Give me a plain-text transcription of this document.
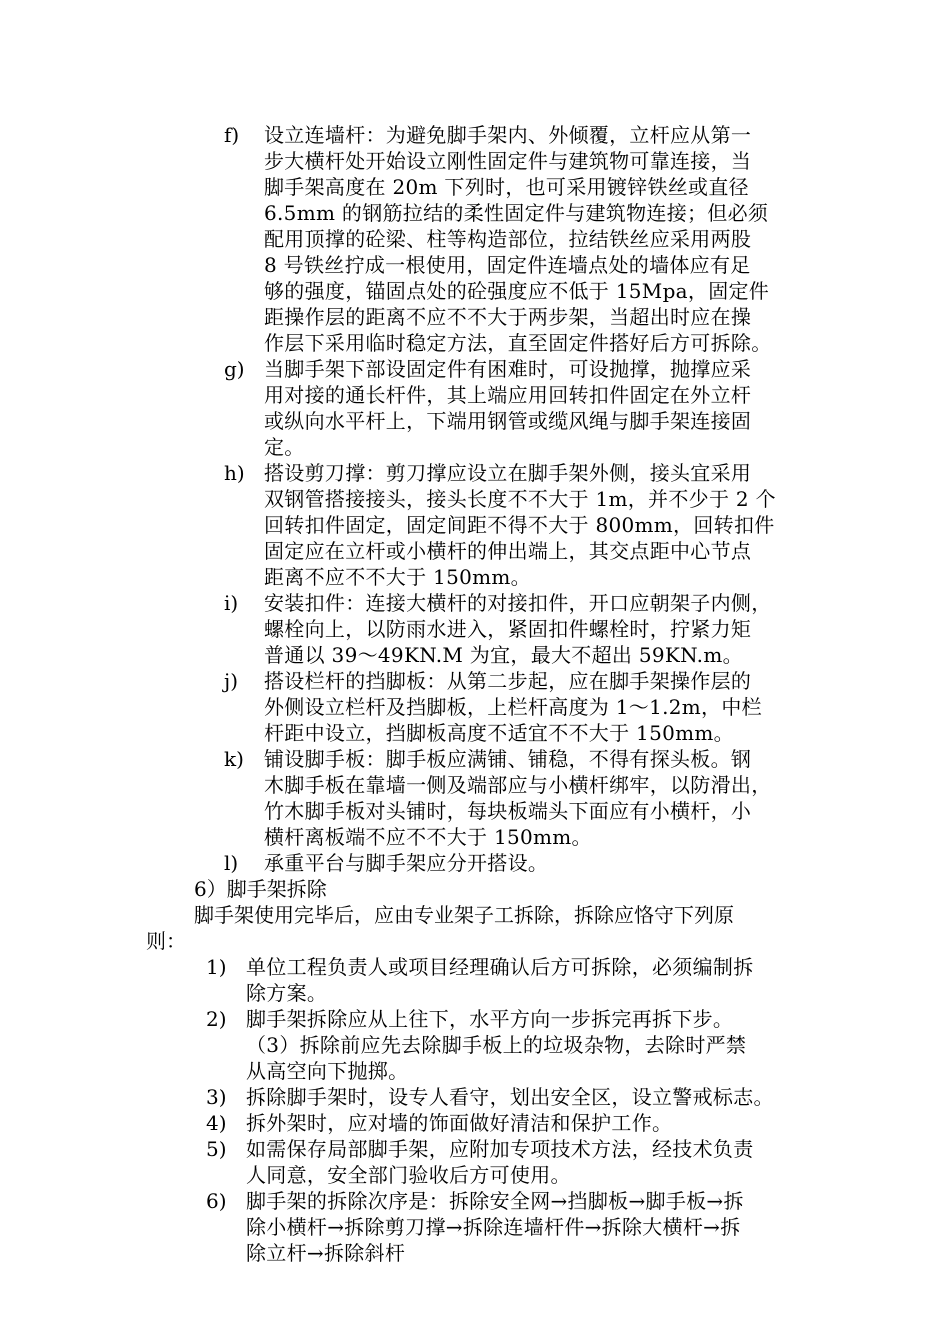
f)	设立连墙杆：为避免脚手架内、外倾覆，立杆应从第一
步大横杆处开始设立刚性固定件与建筑物可靠连接，当
脚手架高度在 20m 下列时，也可采用镀锌铁丝或直径
6.5mm 的钢筋拉结的柔性固定件与建筑物连接；但必须
配用顶撑的砼梁、柱等构造部位，拉结铁丝应采用两股
8 号铁丝拧成一根使用，固定件连墙点处的墙体应有足
够的强度，锚固点处的砼强度应不低于 15Mpa，固定件
距操作层的距离不应不不大于两步架，当超出时应在操
作层下采用临时稳定方法，直至固定件搭好后方可拆除。
g) 当脚手架下部设固定件有困难时，可设抛撑，抛撑应采
用对接的通长杆件，其上端应用回转扣件固定在外立杆
或纵向水平杆上，下端用钢管或缆风绳与脚手架连接固
定。
h) 搭设剪刀撑：剪刀撑应设立在脚手架外侧，接头宜采用
双钢管搭接接头，接头长度不不大于 1m，并不少于 2 个
回转扣件固定，固定间距不得不大于 800mm，回转扣件
固定应在立杆或小横杆的伸出端上，其交点距中心节点
距离不应不不大于 150mm。
i)	安装扣件：连接大横杆的对接扣件，开口应朝架子内侧，
螺栓向上，以防雨水进入，紧固扣件螺栓时，拧紧力矩
普通以 39～49KN.M 为宜，最大不超出 59KN.m。
j)	搭设栏杆的挡脚板：从第二步起，应在脚手架操作层的
外侧设立栏杆及挡脚板，上栏杆高度为 1～1.2m，中栏
杆距中设立，挡脚板高度不适宜不不大于 150mm。
k)	铺设脚手板：脚手板应满铺、铺稳，不得有探头板。钢
木脚手板在靠墙一侧及端部应与小横杆绑牢，以防滑出，
竹木脚手板对头铺时，每块板端头下面应有小横杆，小
横杆离板端不应不不大于 150mm。
l)	承重平台与脚手架应分开搭设。
6）脚手架拆除
脚手架使用完毕后，应由专业架子工拆除，拆除应恪守下列原
则：
1) 单位工程负责人或项目经理确认后方可拆除，必须编制拆
除方案。
2) 脚手架拆除应从上往下，水平方向一步拆完再拆下步。
（3）拆除前应先去除脚手板上的垃圾杂物，去除时严禁
从高空向下抛掷。
3) 拆除脚手架时，设专人看守，划出安全区，设立警戒标志。
4) 拆外架时，应对墙的饰面做好清洁和保护工作。
5) 如需保存局部脚手架，应附加专项技术方法，经技术负责
人同意，安全部门验收后方可使用。
6) 脚手架的拆除次序是：拆除安全网→挡脚板→脚手板→拆
除小横杆→拆除剪刀撑→拆除连墙杆件→拆除大横杆→拆
除立杆→拆除斜杆
